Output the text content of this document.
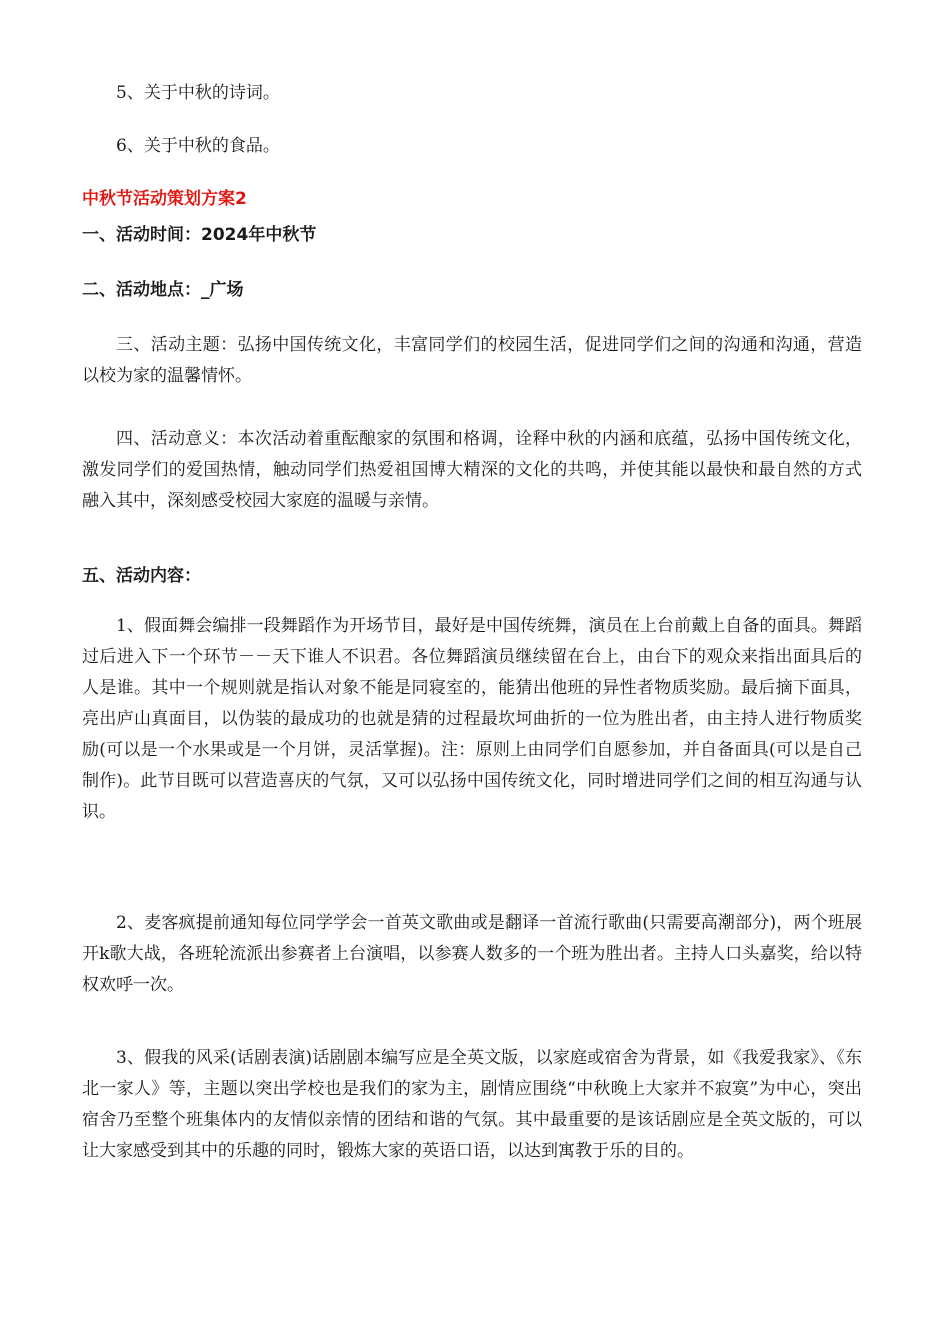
5、关于中秋的诗词。

6、关于中秋的食品。

中秋节活动策划方案2

一、活动时间：2024年中秋节

二、活动地点：_广场

三、活动主题：弘扬中国传统文化，丰富同学们的校园生活，促进同学们之间的沟通和沟通，营造以校为家的温馨情怀。

四、活动意义：本次活动着重酝酿家的氛围和格调，诠释中秋的内涵和底蕴，弘扬中国传统文化，激发同学们的爱国热情，触动同学们热爱祖国博大精深的文化的共鸣，并使其能以最快和最自然的方式融入其中，深刻感受校园大家庭的温暖与亲情。

五、活动内容：

1、假面舞会编排一段舞蹈作为开场节目，最好是中国传统舞，演员在上台前戴上自备的面具。舞蹈过后进入下一个环节－－天下谁人不识君。各位舞蹈演员继续留在台上，由台下的观众来指出面具后的人是谁。其中一个规则就是指认对象不能是同寝室的，能猜出他班的异性者物质奖励。最后摘下面具，亮出庐山真面目，以伪装的最成功的也就是猜的过程最坎坷曲折的一位为胜出者，由主持人进行物质奖励(可以是一个水果或是一个月饼，灵活掌握)。注：原则上由同学们自愿参加，并自备面具(可以是自己制作)。此节目既可以营造喜庆的气氛，又可以弘扬中国传统文化，同时增进同学们之间的相互沟通与认识。

2、麦客疯提前通知每位同学学会一首英文歌曲或是翻译一首流行歌曲(只需要高潮部分)，两个班展开k歌大战，各班轮流派出参赛者上台演唱，以参赛人数多的一个班为胜出者。主持人口头嘉奖，给以特权欢呼一次。

3、假我的风采(话剧表演)话剧剧本编写应是全英文版，以家庭或宿舍为背景，如《我爱我家》、《东北一家人》等，主题以突出学校也是我们的家为主，剧情应围绕“中秋晚上大家并不寂寞”为中心，突出宿舍乃至整个班集体内的友情似亲情的团结和谐的气氛。其中最重要的是该话剧应是全英文版的，可以让大家感受到其中的乐趣的同时，锻炼大家的英语口语，以达到寓教于乐的目的。
